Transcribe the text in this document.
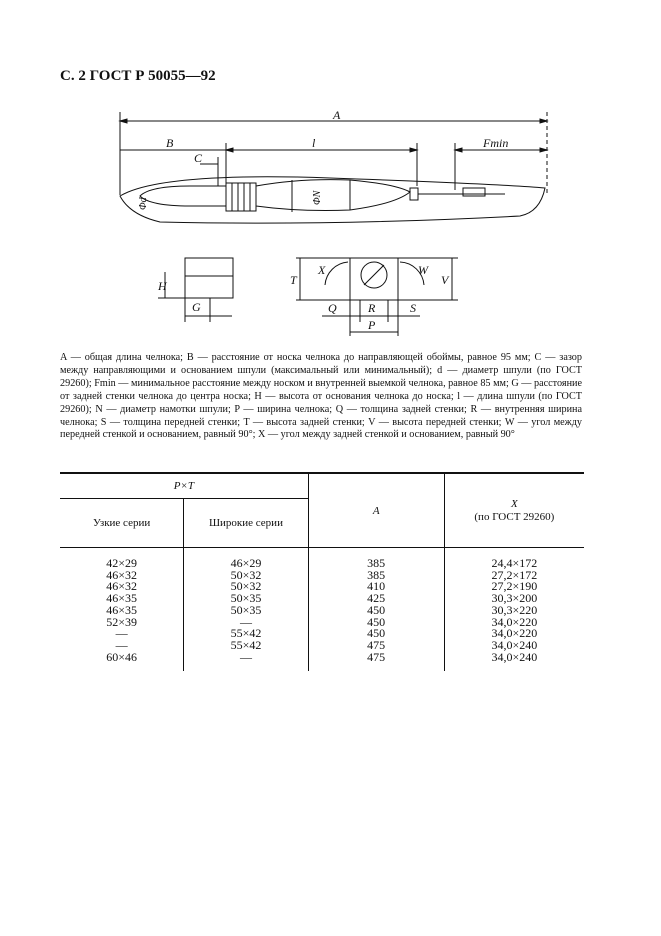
С. 2 ГОСТ Р 50055—92
A
B	l	Fmin
C
Φd	ΦN
H
G
T
X
V
W
Q	R	S
P
A — общая длина челнока; B — расстояние от носка челнока до направляющей обоймы, равное 95 мм; C — зазор между направляющими и основанием шпули (максимальный или минимальный); d — диаметр шпули (по ГОСТ 29260); Fmin — минимальное расстояние между носком и внутренней выемкой челнока, равное 85 мм; G — расстояние от задней стенки челнока до центра носка; H — высота от основания челнока до носка; l — длина шпули (по ГОСТ 29260); N — диаметр намотки шпули; P — ширина челнока; Q — толщина задней стенки; R — внутренняя ширина челнока; S — толщина передней стенки; T — высота задней стенки; V — высота передней стенки; W — угол между передней стенкой и основанием, равный 90°; X — угол между задней стенкой и основанием, равный 90°
P×T		A	X
(по ГОСТ 29260)
Узкие серии	Широкие серии		
42×29	46×29	385	24,4×172
46×32	50×32	385	27,2×172
46×32	50×32	410	27,2×190
46×35	50×35	425	30,3×200
46×35	50×35	450	30,3×220
52×39	—	450	34,0×220
—	55×42	450	34,0×220
—	55×42	475	34,0×240
60×46	—	475	34,0×240
